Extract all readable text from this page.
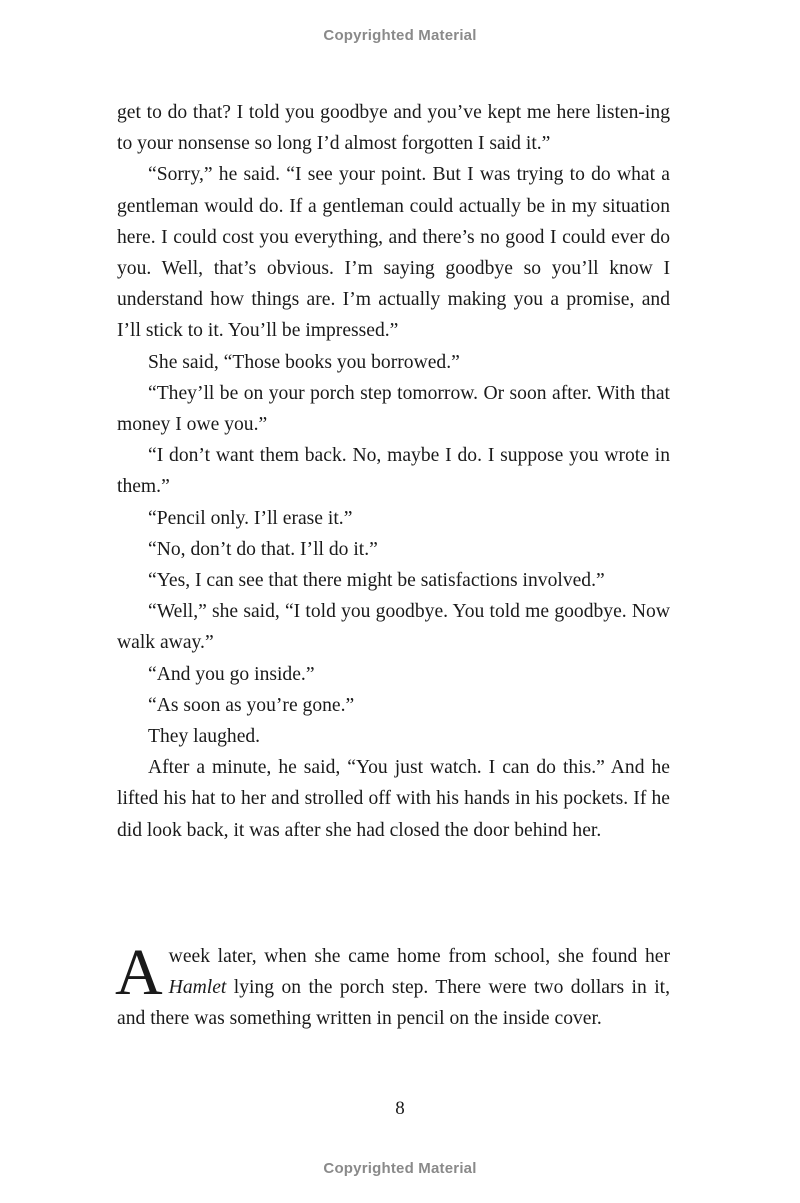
Copyrighted Material

get to do that? I told you goodbye and you’ve kept me here listen-ing to your nonsense so long I’d almost forgotten I said it.”

“Sorry,” he said. “I see your point. But I was trying to do what a gentleman would do. If a gentleman could actually be in my situation here. I could cost you everything, and there’s no good I could ever do you. Well, that’s obvious. I’m saying goodbye so you’ll know I understand how things are. I’m actually making you a promise, and I’ll stick to it. You’ll be impressed.”

She said, “Those books you borrowed.”

“They’ll be on your porch step tomorrow. Or soon after. With that money I owe you.”

“I don’t want them back. No, maybe I do. I suppose you wrote in them.”

“Pencil only. I’ll erase it.”

“No, don’t do that. I’ll do it.”

“Yes, I can see that there might be satisfactions involved.”

“Well,” she said, “I told you goodbye. You told me goodbye. Now walk away.”

“And you go inside.”

“As soon as you’re gone.”

They laughed.

After a minute, he said, “You just watch. I can do this.” And he lifted his hat to her and strolled off with his hands in his pockets. If he did look back, it was after she had closed the door behind her.

A week later, when she came home from school, she found her Hamlet lying on the porch step. There were two dollars in it, and there was something written in pencil on the inside cover.

8
Copyrighted Material
